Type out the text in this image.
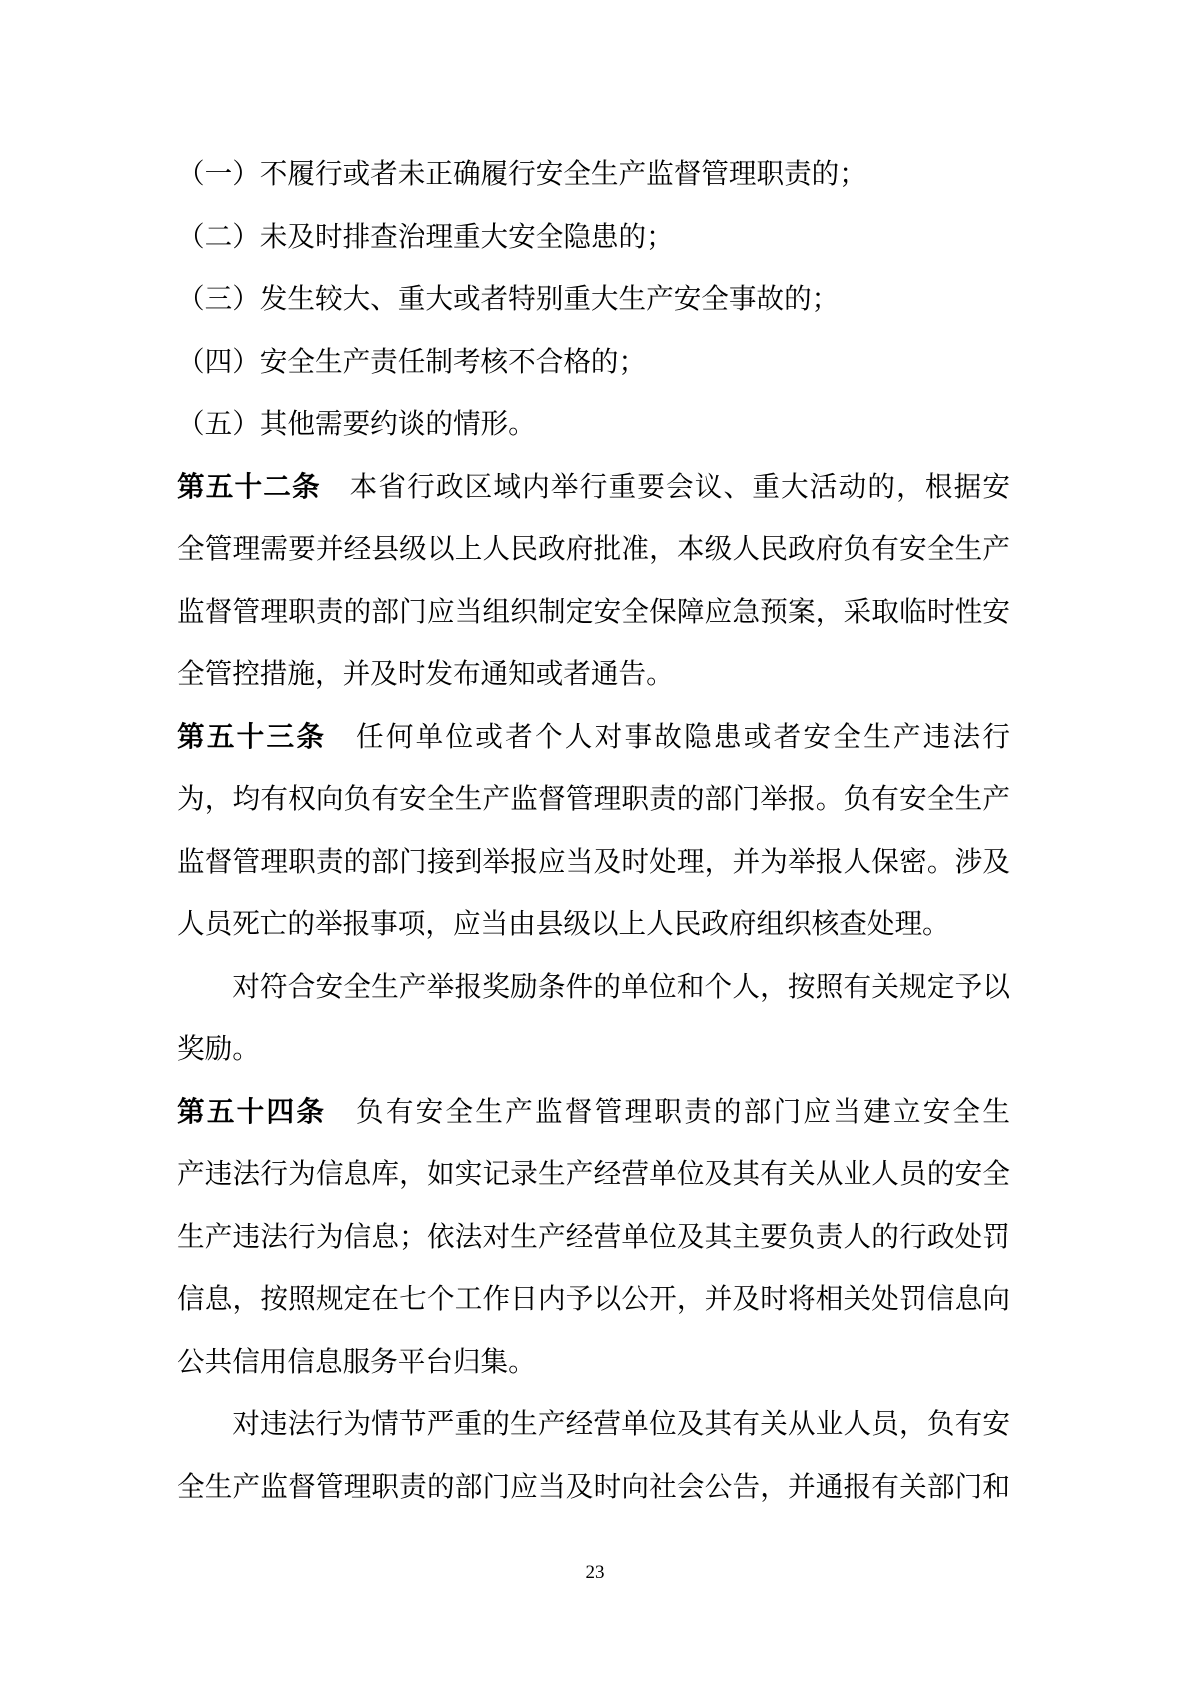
（一）不履行或者未正确履行安全生产监督管理职责的；
（二）未及时排查治理重大安全隐患的；
（三）发生较大、重大或者特别重大生产安全事故的；
（四）安全生产责任制考核不合格的；
（五）其他需要约谈的情形。
第五十二条　本省行政区域内举行重要会议、重大活动的，根据安
全管理需要并经县级以上人民政府批准，本级人民政府负有安全生产
监督管理职责的部门应当组织制定安全保障应急预案，采取临时性安
全管控措施，并及时发布通知或者通告。
第五十三条　任何单位或者个人对事故隐患或者安全生产违法行
为，均有权向负有安全生产监督管理职责的部门举报。负有安全生产
监督管理职责的部门接到举报应当及时处理，并为举报人保密。涉及
人员死亡的举报事项，应当由县级以上人民政府组织核查处理。
对符合安全生产举报奖励条件的单位和个人，按照有关规定予以
奖励。
第五十四条　负有安全生产监督管理职责的部门应当建立安全生
产违法行为信息库，如实记录生产经营单位及其有关从业人员的安全
生产违法行为信息；依法对生产经营单位及其主要负责人的行政处罚
信息，按照规定在七个工作日内予以公开，并及时将相关处罚信息向
公共信用信息服务平台归集。
对违法行为情节严重的生产经营单位及其有关从业人员，负有安
全生产监督管理职责的部门应当及时向社会公告，并通报有关部门和
23
